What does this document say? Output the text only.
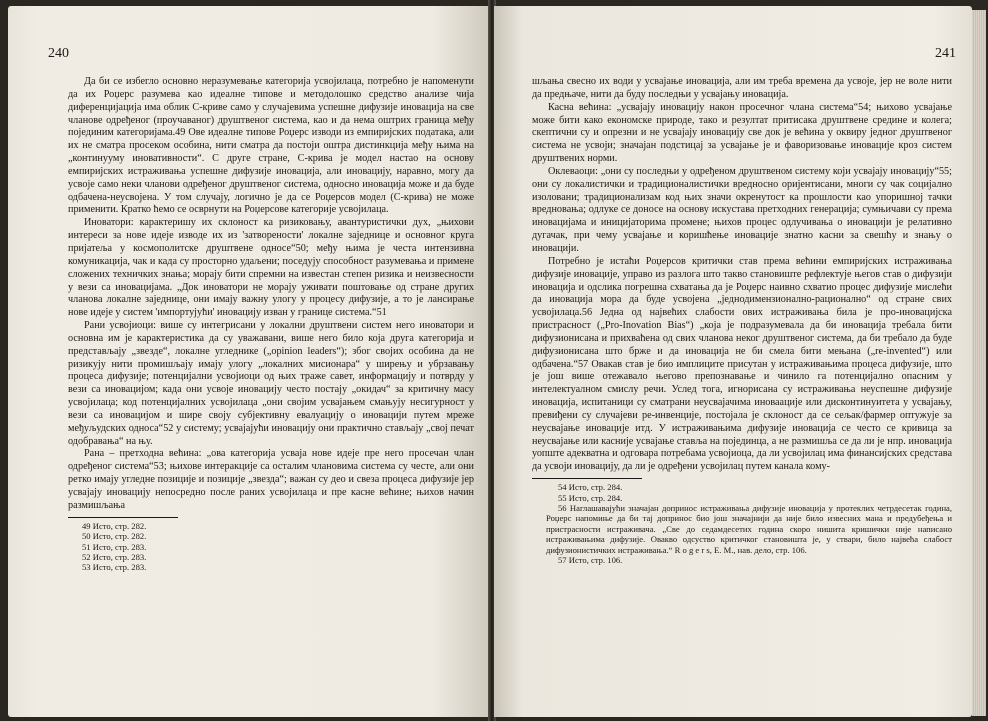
240

Да би се избегло основно неразумевање категорија усвојилаца, потребно је напоменути да их Роџерс разумева као идеалне типове и методолошко средство анализе чија диференцијација има облик С-криве само у случајевима успешне дифузије иновација на све чланове одређеног (проучаваног) друштвеног система, као и да нема оштрих граница међу појединим категоријама.49 Ове идеалне типове Роџерс изводи из емпиријских података, али их не сматра просеком особина, нити сматра да постоји оштра дистинкција међу њима на „континууму иновативности“. С друге стране, С-крива је модел настао на основу емпиријских истраживања успешне дифузије иновација, али иновацију, наравно, могу да усвоје само неки чланови одређеног друштвеног система, односно иновација може и да буде одбачена-неусвојена. У том случају, логично је да се Роџерсов модел (С-крива) не може применити. Кратко ћемо се осврнути на Роџерсове категорије усвојилаца.

Иноватори: карактеришу их склоност ка ризиковању, авантуристички дух, „њихови интереси за нове идеје изводе их из 'затворености' локалне заједнице и основног круга пријатеља у космополитске друштвене односе“50; међу њима је честа интензивна комуникација, чак и када су просторно удаљени; поседују способност разумевања и примене сложених техничких знања; морају бити спремни на известан степен ризика и неизвесности у вези са иновацијама. „Док иноватори не морају уживати поштовање од стране других чланова локалне заједнице, они имају важну улогу у процесу дифузије, а то је лансирање нове идеје у систем 'импортујући' иновацију изван у границе система.“51

Рани усвојиоци: више су интегрисани у локални друштвени систем него иноватори и основна им је карактеристика да су уважавани, више него било која друга категорија и представљају „звезде“, локалне угледнике („opinion leaders“); због својих особина да не ризикују нити промишљају имају улогу „локалних мисионара“ у ширењу и убрзавању процеса дифузије; потенцијални усвојиоци од њих траже савет, информацију и потврду у вези са иновацијом; када они усвоје иновацију често постају „окидач“ за критичну масу усвојилаца; код потенцијалних усвојилаца „они својим усвајањем смањују несигурност у вези са иновацијом и шире своју субјективну евалуацију о иновацији путем мреже међуљудских односа“52 у систему; усвајајући иновацију они практично стављају „свој печат одобравања“ на њу.

Рана – претходна већина: „ова категорија усваја нове идеје пре него просечан члан одређеног система“53; њихове интеракције са осталим члановима система су честе, али они ретко имају угледне позиције и позиције „звезда“; важан су део и свеза процеса дифузије јер усвајају иновацију непосредно после раних усвојилаца и пре касне већине; њихов начин размишљања

49 Исто, стр. 282.

50 Исто, стр. 282.

51 Исто, стр. 283.

52 Исто, стр. 283.

53 Исто, стр. 283.

241

шљања свесно их води у усвајање иновација, али им треба времена да усвоје, јер не воле нити да предњаче, нити да буду последњи у усвајању иновација.

Касна већина: „усвајају иновацију након просечног члана система“54; њихово усвајање може бити како економске природе, тако и резултат притисака друштвене средине и колега; скептични су и опрезни и не усвајају иновацију све док је већина у оквиру једног друштвеног система не усвоји; значајан подстицај за усвајање је и фаворизовање иновације кроз систем друштвених норми.

Оклеваоци: „они су последњи у одређеном друштвеном систему који усвајају иновацију“55; они су локалистички и традиционалистички вредносно оријентисани, многи су чак социјално изоловани; традиционализам код њих значи окренутост ка прошлости као упоришној тачки вредновања; одлуке се доносе на основу искустава претходних генерација; сумњичави су према иновацијама и иницијаторима промене; њихов процес одлучивања о иновацији је релативно дугачак, при чему усвајање и коришћење иновације знатно касни за свешћу и знању о иновацији.

Потребно је истаћи Роџерсов критички став према већини емпиријских истраживања дифузије иновације, управо из разлога што такво становиште рефлектује његов став о дифузији иновација и одслика погрешна схватања да је Роџерс наивно схватио процес дифузије мислећи да иновација мора да буде усвојена „једнодимензионално-рационално“ од стране свих усвојилаца.56 Једна од највећих слабости ових истраживања била је про-иновацијска пристрасност („Pro-Inovation Bias“) „која је подразумевала да би иновација требала бити дифузионисана и прихваћена од свих чланова неког друштвеног система, да би требало да буде дифузионисана што брже и да иновација не би смела бити мењана („re-invented“) или одбачена.“57 Овакав став је био имплиците присутан у истраживањима процеса дифузије, што је још више отежавало његово препознавање и чинило га потенцијално опасним у интелектуалном смислу речи. Услед тога, игнорисана су истраживања неуспешне дифузије иновација, испитаници су сматрани неусвајачима иноваације или дисконтинуитета у усвајању, превиђени су случајеви ре-инвенције, постојала је склоност да се сељак/фармер оптужује за неусвајање иновације итд. У истраживањима дифузије иновација се често се кривица за неусвајање или касније усвајање ставља на појединца, а не размишља се да ли је нпр. иновација уопште адекватна и одговара потребама усвојиоца, да ли усвојилац има финансијских средстава да усвоји иновацију, да ли је одређени усвојилац путем канала кому-

54 Исто, стр. 284.

55 Исто, стр. 284.

56 Наглашавајући значајан допринос истраживања дифузије иновација у протеклих четрдесетак година, Роџерс напомиње да би тај допринос био још значајнији да није било извесних мана и предубеђења и пристрасности истраживача. „Све до седамдесетих година скоро нишита кришички није написано истраживањима дифузије. Овакво одсуство критичког становишта је, у ствари, било највећа слабост дифузионистичких истраживања.“ R o g e r s, E. M., нав. дело, стр. 106.

57 Исто, стр. 106.
